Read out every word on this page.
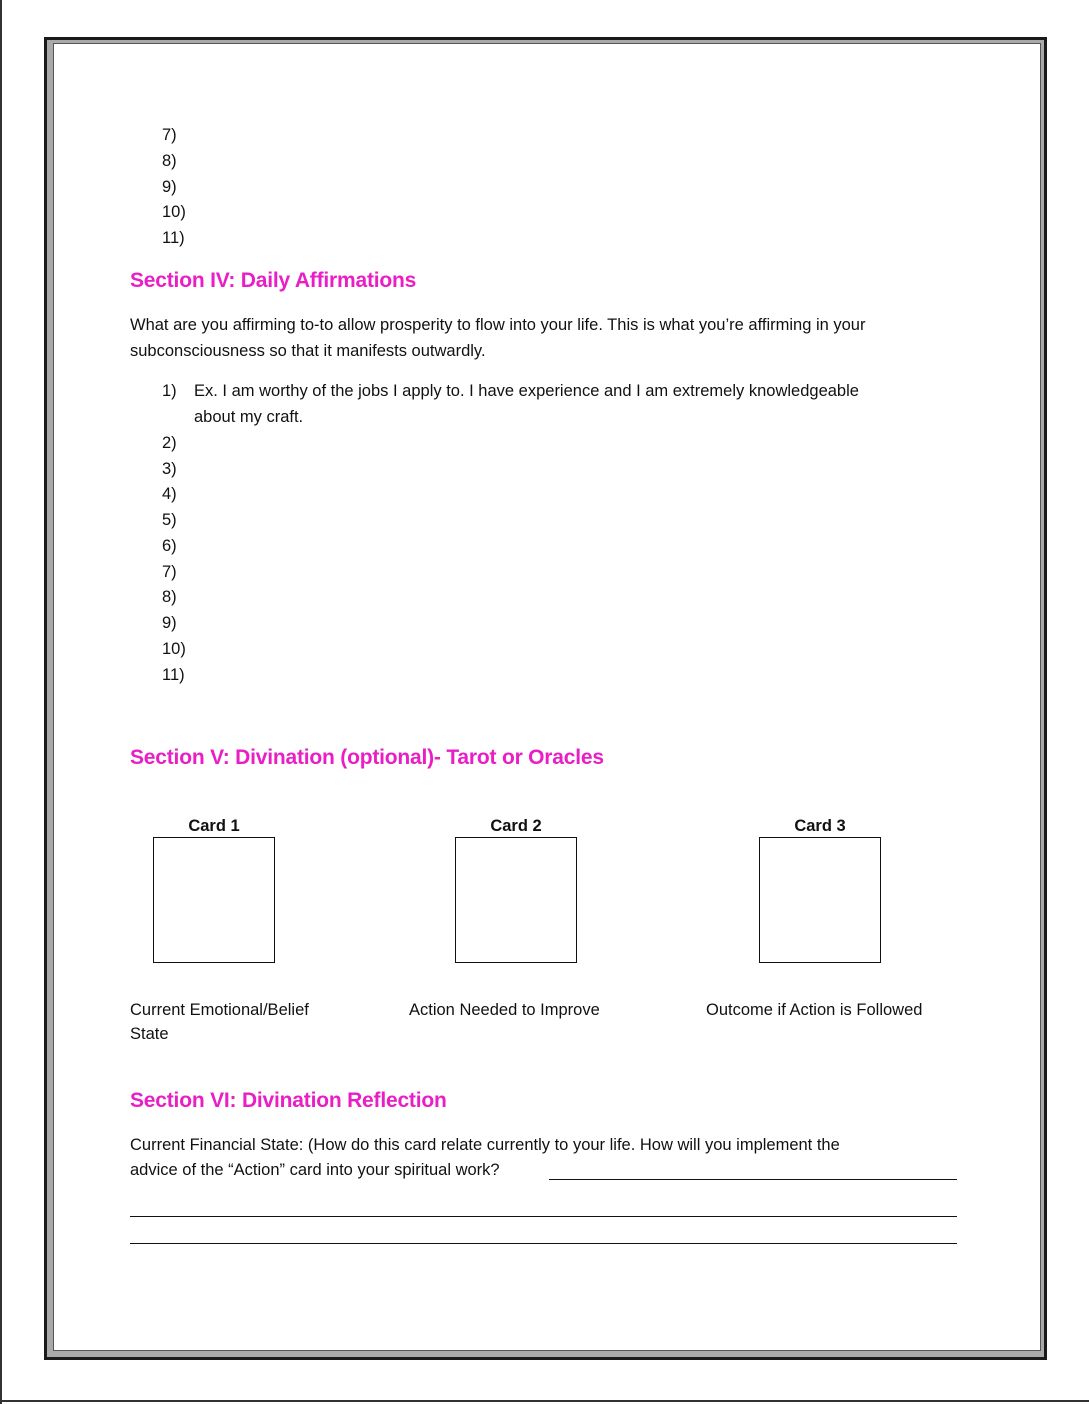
7)
8)
9)
10)
11)
Section IV: Daily Affirmations
What are you affirming to-to allow prosperity to flow into your life. This is what you’re affirming in your
subconsciousness so that it manifests outwardly.
1) Ex. I am worthy of the jobs I apply to. I have experience and I am extremely knowledgeable
about my craft.
2)
3)
4)
5)
6)
7)
8)
9)
10)
11)
Section V: Divination (optional)- Tarot or Oracles
Card 1
Current Emotional/Belief
State
Card 2
Action Needed to Improve
Card 3
Outcome if Action is Followed
Section VI: Divination Reflection
Current Financial State: (How do this card relate currently to your life. How will you implement the
advice of the “Action” card into your spiritual work?
